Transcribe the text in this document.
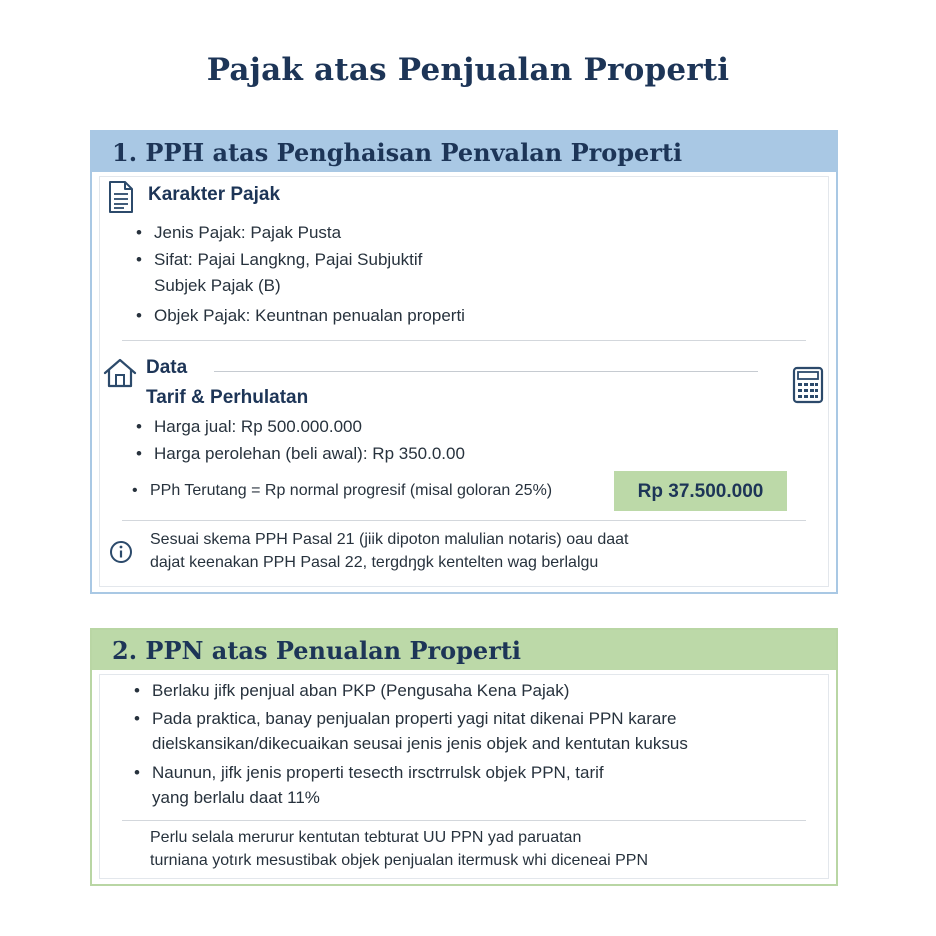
Pajak atas Penjualan Properti
1. PPH atas Penghaisan Penvalan Properti
Karakter Pajak
• Jenis Pajak: Pajak Pusta
• Sifat: Pajai Langkng, Pajai Subjuktif
Subjek Pajak (B)
• Objek Pajak: Keuntnan penualan properti
Data
Tarif & Perhulatan
• Harga jual: Rp 500.000.000
• Harga perolehan (beli awal): Rp 350.0.00
• PPh Terutang = Rp normal progresif (misal goloran 25%)	Rp 37.500.000
Sesuai skema PPH Pasal 21 (jiik dipoton malulian notaris) oau daat
dajat keenakan PPH Pasal 22, tergdŋgk kentelten wag berlalgu
2. PPN atas Penualan Properti
• Berlaku jifk penjual aban PKP (Pengusaha Kena Pajak)
• Pada praktica, banay penjualan properti yagi nitat dikenai PPN karare
dielskansikan/dikecuaikan seusai jenis jenis objek and kentutan kuksus
• Naunun, jifk jenis properti tesecth irsctrrulsk objek PPN, tarif
yang berlalu daat 11%
Perlu selala merurur kentutan tebturat UU PPN yad paruatan
turniana yotırk mesustibak objek penjualan itermusk whi diceneai PPN
